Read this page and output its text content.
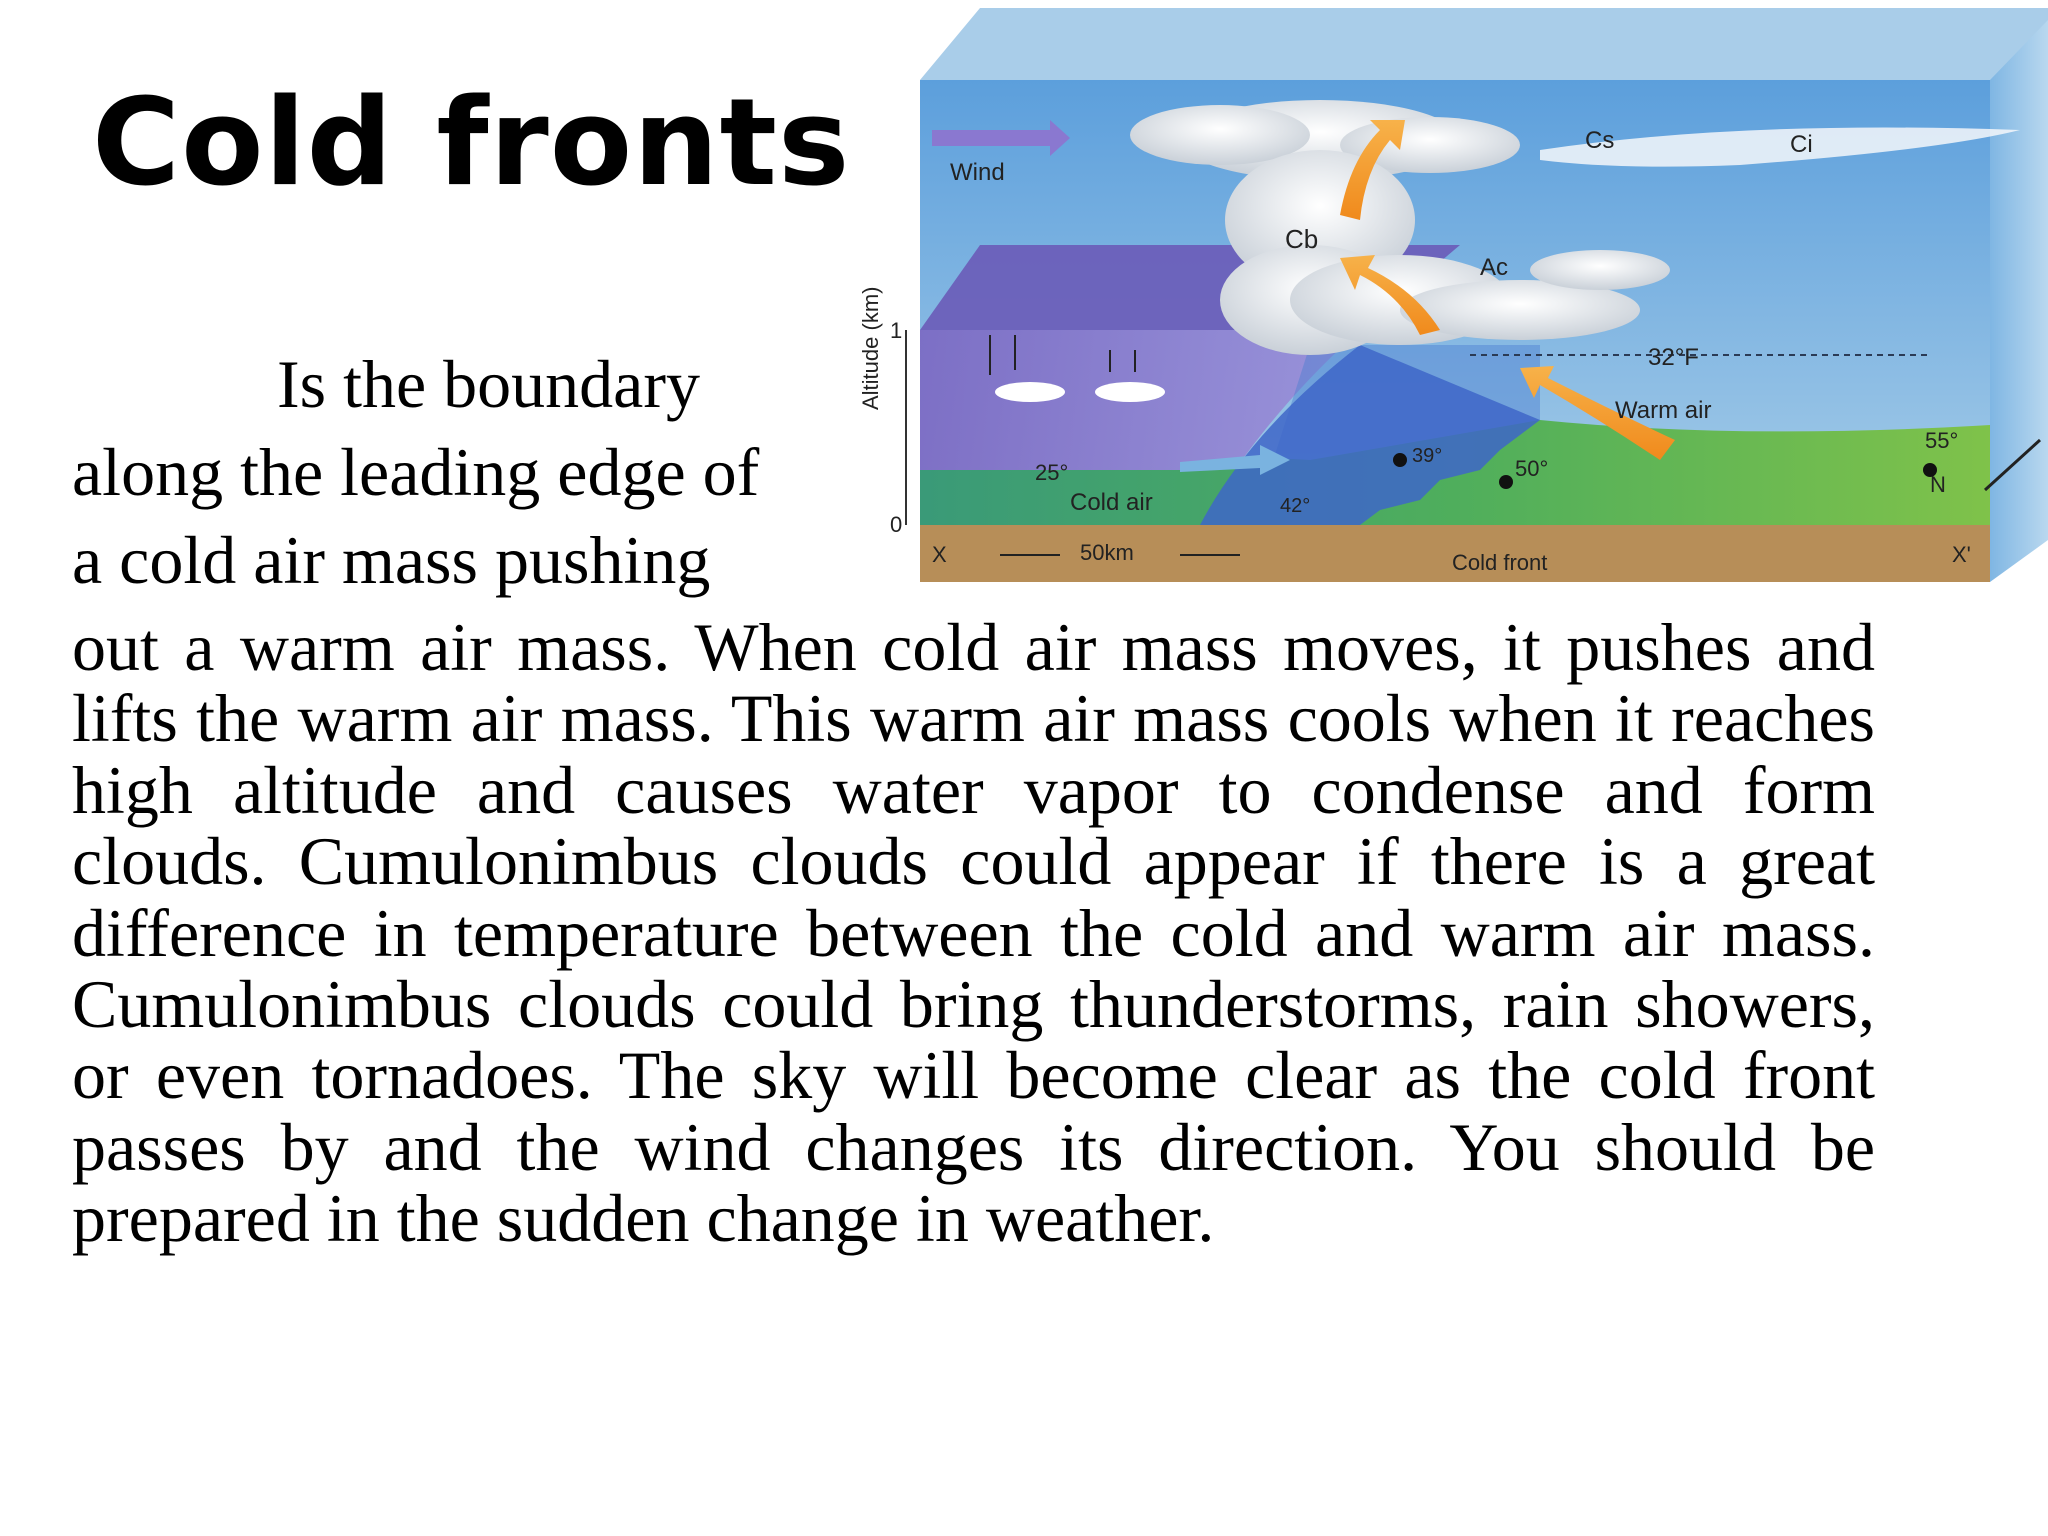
Cold fronts
Is the boundary
along the leading edge of
a cold air mass pushing

out a warm air mass. When cold air mass moves, it pushes and lifts the warm air mass. This warm air mass cools when it reaches high altitude and causes water vapor to condense and form clouds. Cumulonimbus clouds could appear if there is a great difference in temperature between the cold and warm air mass. Cumulonimbus clouds could bring thunderstorms, rain showers, or even tornadoes. The sky will become clear as the cold front passes by and the wind changes its direction. You should be prepared in the sudden change in weather.

Wind
Cb
Ac
Cs	Ci
32°F
Warm air
Cold air
25°
42°
39°	50°
55°
N
Altitude (km) 1
0
X	X'
50km	Cold front
